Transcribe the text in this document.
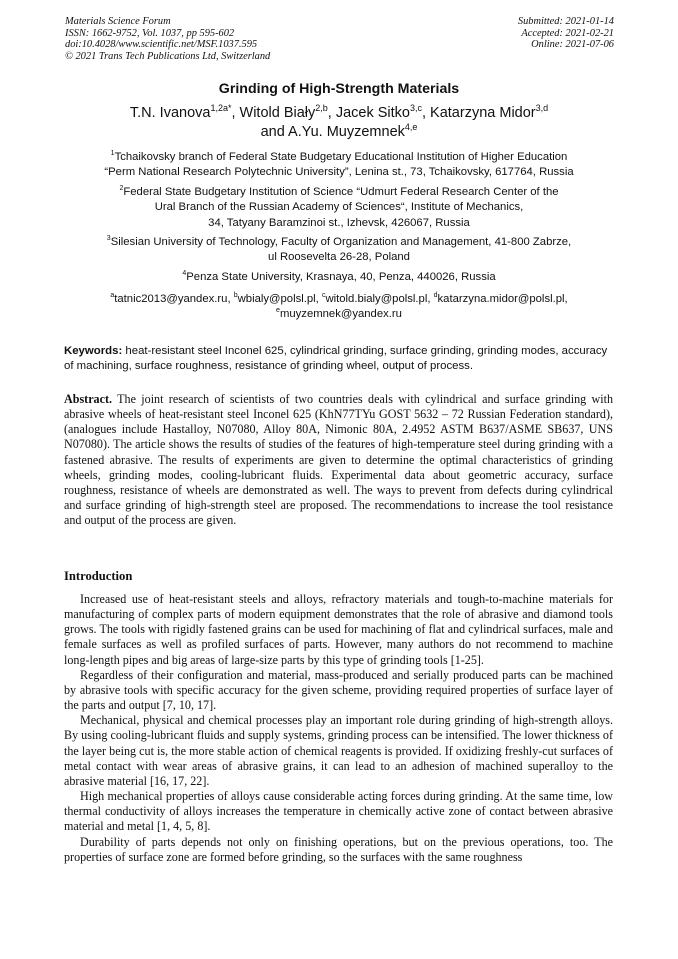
Materials Science Forum
ISSN: 1662-9752, Vol. 1037, pp 595-602
doi:10.4028/www.scientific.net/MSF.1037.595
© 2021 Trans Tech Publications Ltd, Switzerland
Submitted: 2021-01-14
Accepted: 2021-02-21
Online: 2021-07-06
Grinding of High-Strength Materials
T.N. Ivanova$^{1,2a*}$, Witold Biały$^{2,b}$, Jacek Sitko$^{3,c}$, Katarzyna Midor$^{3,d}$
and A.Yu. Muyzemnek$^{4,e}$
$^1$Tchaikovsky branch of Federal State Budgetary Educational Institution of Higher Education
“Perm National Research Polytechnic University”, Lenina st., 73, Tchaikovsky, 617764, Russia
$^2$Federal State Budgetary Institution of Science “Udmurt Federal Research Center of the
Ural Branch of the Russian Academy of Sciences“, Institute of Mechanics,
34, Tatyany Baramzinoi st., Izhevsk, 426067, Russia
$^3$Silesian University of Technology, Faculty of Organization and Management, 41-800 Zabrze,
ul Roosevelta 26-28, Poland
$^4$Penza State University, Krasnaya, 40, Penza, 440026, Russia
$^a$tatnic2013@yandex.ru, $^b$wbialy@polsl.pl, $^c$witold.bialy@polsl.pl, $^d$katarzyna.midor@polsl.pl,
$^e$muyzemnek@yandex.ru
Keywords: heat-resistant steel Inconel 625, cylindrical grinding, surface grinding, grinding modes, accuracy of machining, surface roughness, resistance of grinding wheel, output of process.
Abstract. The joint research of scientists of two countries deals with cylindrical and surface grinding with abrasive wheels of heat-resistant steel Inconel 625 (KhN77TYu GOST 5632 – 72 Russian Federation standard), (analogues include Hastalloy, N07080, Alloy 80A, Nimonic 80A, 2.4952 ASTM B637/ASME SB637, UNS N07080). The article shows the results of studies of the features of high-temperature steel during grinding with a fastened abrasive. The results of experiments are given to determine the optimal characteristics of grinding wheels, grinding modes, cooling-lubricant fluids. Experimental data about geometric accuracy, surface roughness, resistance of wheels are demonstrated as well. The ways to prevent from defects during cylindrical and surface grinding of high-strength steel are proposed. The recommendations to increase the tool resistance and output of the process are given.
Introduction

Increased use of heat-resistant steels and alloys, refractory materials and tough-to-machine materials for manufacturing of complex parts of modern equipment demonstrates that the role of abrasive and diamond tools grows. The tools with rigidly fastened grains can be used for machining of flat and cylindrical surfaces, male and female surfaces as well as profiled surfaces of parts. However, many authors do not recommend to machine long-length pipes and big areas of large-size parts by this type of grinding tools [1-25].

Regardless of their configuration and material, mass-produced and serially produced parts can be machined by abrasive tools with specific accuracy for the given scheme, providing required properties of surface layer of the parts and output [7, 10, 17].

Mechanical, physical and chemical processes play an important role during grinding of high-strength alloys. By using cooling-lubricant fluids and supply systems, grinding process can be intensified. The lower thickness of the layer being cut is, the more stable action of chemical reagents is provided. If oxidizing freshly-cut surfaces of metal contact with wear areas of abrasive grains, it can lead to an adhesion of machined superalloy to the abrasive material [16, 17, 22].

High mechanical properties of alloys cause considerable acting forces during grinding. At the same time, low thermal conductivity of alloys increases the temperature in chemically active zone of contact between abrasive material and metal [1, 4, 5, 8].

Durability of parts depends not only on finishing operations, but on the previous operations, too. The properties of surface zone are formed before grinding, so the surfaces with the same roughness
